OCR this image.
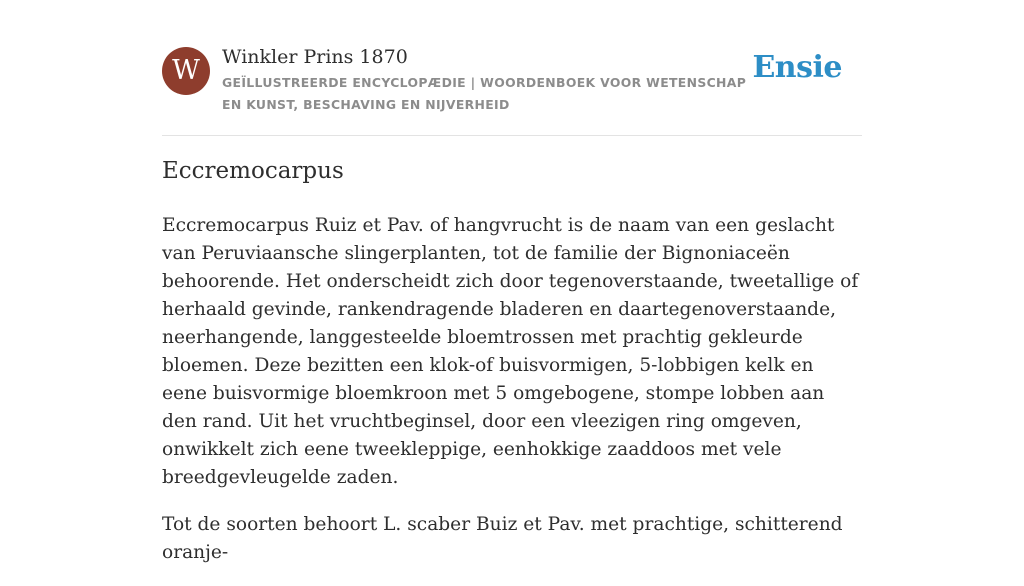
W	Winkler Prins 1870
GEÏLLUSTREERDE ENCYCLOPÆDIE | WOORDENBOEK VOOR WETENSCHAP EN KUNST, BESCHAVING EN NIJVERHEID
Ensie
Eccremocarpus

Eccremocarpus Ruiz et Pav. of hangvrucht is de naam van een geslacht van Peruviaansche slingerplanten, tot de familie der Bignoniaceën behoorende. Het onderscheidt zich door tegenoverstaande, tweetallige of herhaald gevinde, rankendragende bladeren en daartegenoverstaande, neerhangende, langgesteelde bloemtrossen met prachtig gekleurde bloemen. Deze bezitten een klok-of buisvormigen, 5-lobbigen kelk en eene buisvormige bloemkroon met 5 omgebogene, stompe lobben aan den rand. Uit het vruchtbeginsel, door een vleezigen ring omgeven, onwikkelt zich eene tweekleppige, eenhokkige zaaddoos met vele breedgevleugelde zaden.

Tot de soorten behoort L. scaber Buiz et Pav. met prachtige, schitterend oranje-
